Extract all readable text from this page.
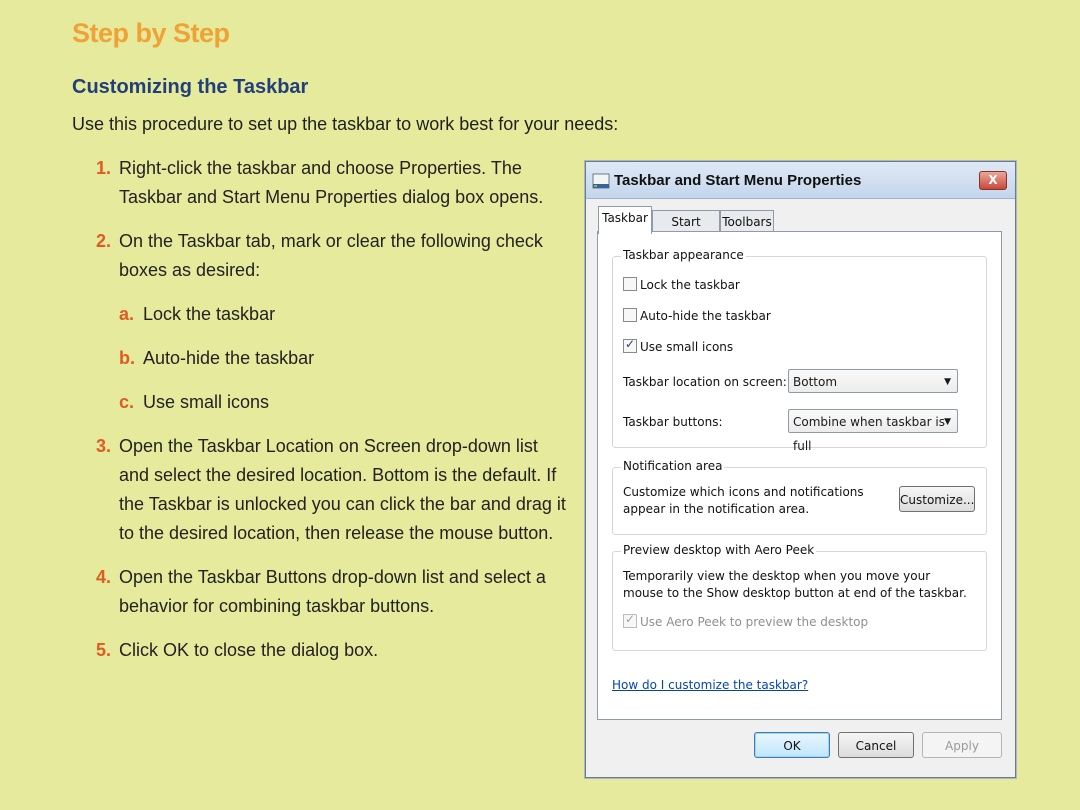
Step by Step
Customizing the Taskbar
Use this procedure to set up the taskbar to work best for your needs:
1. Right-click the taskbar and choose Properties. The Taskbar and Start Menu Properties dialog box opens.
2. On the Taskbar tab, mark or clear the following check boxes as desired:
a. Lock the taskbar
b. Auto-hide the taskbar
c. Use small icons
3. Open the Taskbar Location on Screen drop-down list and select the desired location. Bottom is the default. If the Taskbar is unlocked you can click the bar and drag it to the desired location, then release the mouse button.
4. Open the Taskbar Buttons drop-down list and select a behavior for combining taskbar buttons.
5. Click OK to close the dialog box.
Taskbar and Start Menu Properties	X
Taskbar	Start	Toolbars
Taskbar appearance
Lock the taskbar
Auto-hide the taskbar
✓Use small icons
Taskbar location on screen: Bottom	▼
Taskbar buttons:	Combine when taskbar is full
▼
Notification area
Customize which icons and notifications appear in the notification area.
Customize...
Preview desktop with Aero Peek
Temporarily view the desktop when you move your mouse to the Show desktop button at end of the taskbar.
✓Use Aero Peek to preview the desktop
How do I customize the taskbar?
OK	Cancel	Apply
